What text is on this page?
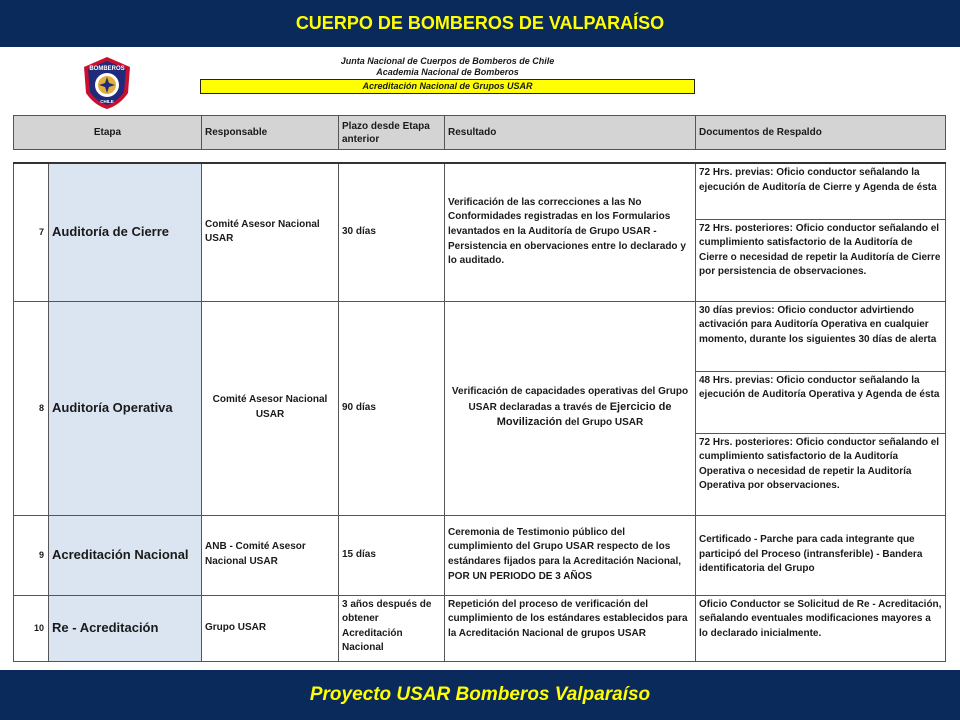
CUERPO DE BOMBEROS DE VALPARAÍSO
BOMBEROS
CHILE
Junta Nacional de Cuerpos de Bomberos de Chile
Academia Nacional de Bomberos
Acreditación Nacional de Grupos USAR
Etapa	Responsable	Plazo desde Etapa anterior	Resultado	Documentos de Respaldo
7	Auditoría de Cierre	Comité Asesor Nacional USAR	30 días	Verificación de las correcciones a las No Conformidades registradas en los Formularios levantados en la Auditoría de Grupo USAR - Persistencia en obervaciones entre lo declarado y lo auditado.	72 Hrs. previas: Oficio conductor señalando la ejecución de Auditoría de Cierre y Agenda de ésta
					72 Hrs. posteriores: Oficio conductor señalando el cumplimiento satisfactorio de la Auditoría de Cierre o necesidad de repetir la Auditoría de Cierre por persistencia de observaciones.
8	Auditoría Operativa	Comité Asesor Nacional USAR	90 días	Verificación de capacidades operativas del Grupo USAR declaradas a través de Ejercicio de Movilización del Grupo USAR	30 días previos: Oficio conductor advirtiendo activación para Auditoría Operativa en cualquier momento, durante los siguientes 30 días de alerta
					48 Hrs. previas: Oficio conductor señalando la ejecución de Auditoría Operativa y Agenda de ésta
					72 Hrs. posteriores: Oficio conductor señalando el cumplimiento satisfactorio de la Auditoría Operativa o necesidad de repetir la Auditoría Operativa por observaciones.
9	Acreditación Nacional	ANB - Comité Asesor Nacional USAR	15 días	Ceremonia de Testimonio público del cumplimiento del Grupo USAR respecto de los estándares fijados para la Acreditación Nacional, POR UN PERIODO DE 3 AÑOS	Certificado - Parche para cada integrante que participó del Proceso (intransferible) - Bandera identificatoria del Grupo
10	Re - Acreditación	Grupo USAR	3 años después de obtener Acreditación Nacional	Repetición del proceso de verificación del cumplimiento de los estándares establecidos para la Acreditación Nacional de grupos USAR	Oficio Conductor se Solicitud de Re - Acreditación, señalando eventuales modificaciones mayores a lo declarado inicialmente.
Proyecto USAR Bomberos Valparaíso
